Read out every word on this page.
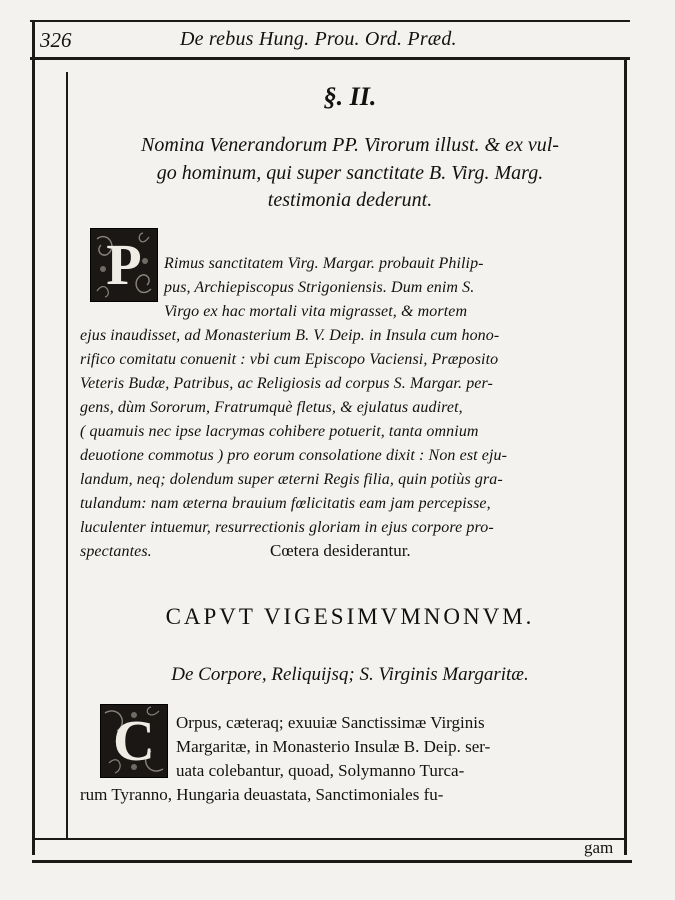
326	De rebus Hung. Prou. Ord. Præd.
§. II.
Nomina Venerandorum PP. Virorum illust. & ex vul-
go hominum, qui super sanctitate B. Virg. Marg.
testimonia dederunt.
P	Rimus sanctitatem Virg. Margar. probauit Philip-
pus, Archiepiscopus Strigoniensis. Dum enim S.
Virgo ex hac mortali vita migrasset, & mortem
ejus inaudisset, ad Monasterium B. V. Deip. in Insula cum hono-
rifico comitatu conuenit : vbi cum Episcopo Vaciensi, Præposito
Veteris Budæ, Patribus, ac Religiosis ad corpus S. Margar. per-
gens, dùm Sororum, Fratrumquè fletus, & ejulatus audiret,
( quamuis nec ipse lacrymas cohibere potuerit, tanta omnium
deuotione commotus ) pro eorum consolatione dixit : Non est eju-
landum, neq; dolendum super æterni Regis filia, quin potiùs gra-
tulandum: nam æterna brauium fœlicitatis eam jam percepisse,
luculenter intuemur, resurrectionis gloriam in ejus corpore pro-
spectantes.	Cœtera desiderantur.
CAPVT VIGESIMVMNONVM.
De Corpore, Reliquijsq; S. Virginis Margaritæ.
C	Orpus, cæteraq; exuuiæ Sanctissimæ Virginis
Margaritæ, in Monasterio Insulæ B. Deip. ser-
uata colebantur, quoad, Solymanno Turca-
rum Tyranno, Hungaria deuastata, Sanctimoniales fu-
gam
